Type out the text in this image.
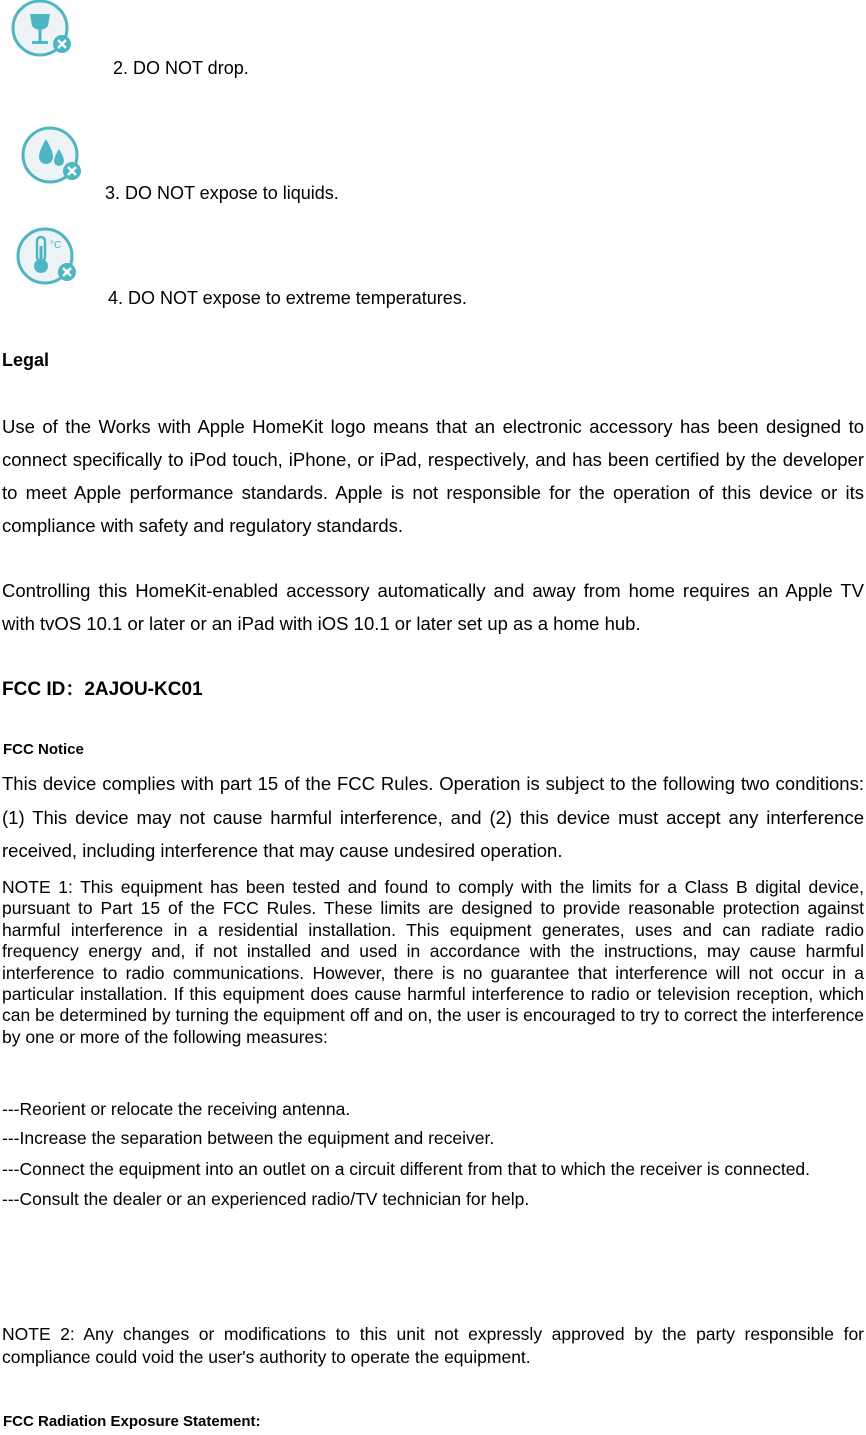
2. DO NOT drop.
3. DO NOT expose to liquids.
°C
4. DO NOT expose to extreme temperatures.
Legal

Use of the Works with Apple HomeKit logo means that an electronic accessory has been designed to connect specifically to iPod touch, iPhone, or iPad, respectively, and has been certified by the developer to meet Apple performance standards. Apple is not responsible for the operation of this device or its compliance with safety and regulatory standards.

Controlling this HomeKit-enabled accessory automatically and away from home requires an Apple TV with tvOS 10.1 or later or an iPad with iOS 10.1 or later set up as a home hub.

FCC ID：2AJOU-KC01
FCC Notice

This device complies with part 15 of the FCC Rules. Operation is subject to the following two conditions: (1) This device may not cause harmful interference, and (2) this device must accept any interference received, including interference that may cause undesired operation.

NOTE 1: This equipment has been tested and found to comply with the limits for a Class B digital device, pursuant to Part 15 of the FCC Rules. These limits are designed to provide reasonable protection against harmful interference in a residential installation. This equipment generates, uses and can radiate radio frequency energy and, if not installed and used in accordance with the instructions, may cause harmful interference to radio communications. However, there is no guarantee that interference will not occur in a particular installation. If this equipment does cause harmful interference to radio or television reception, which can be determined by turning the equipment off and on, the user is encouraged to try to correct the interference by one or more of the following measures:

---Reorient or relocate the receiving antenna.

---Increase the separation between the equipment and receiver.

---Connect the equipment into an outlet on a circuit different from that to which the receiver is connected.

---Consult the dealer or an experienced radio/TV technician for help.

NOTE 2: Any changes or modifications to this unit not expressly approved by the party responsible for compliance could void the user's authority to operate the equipment.

FCC Radiation Exposure Statement:
